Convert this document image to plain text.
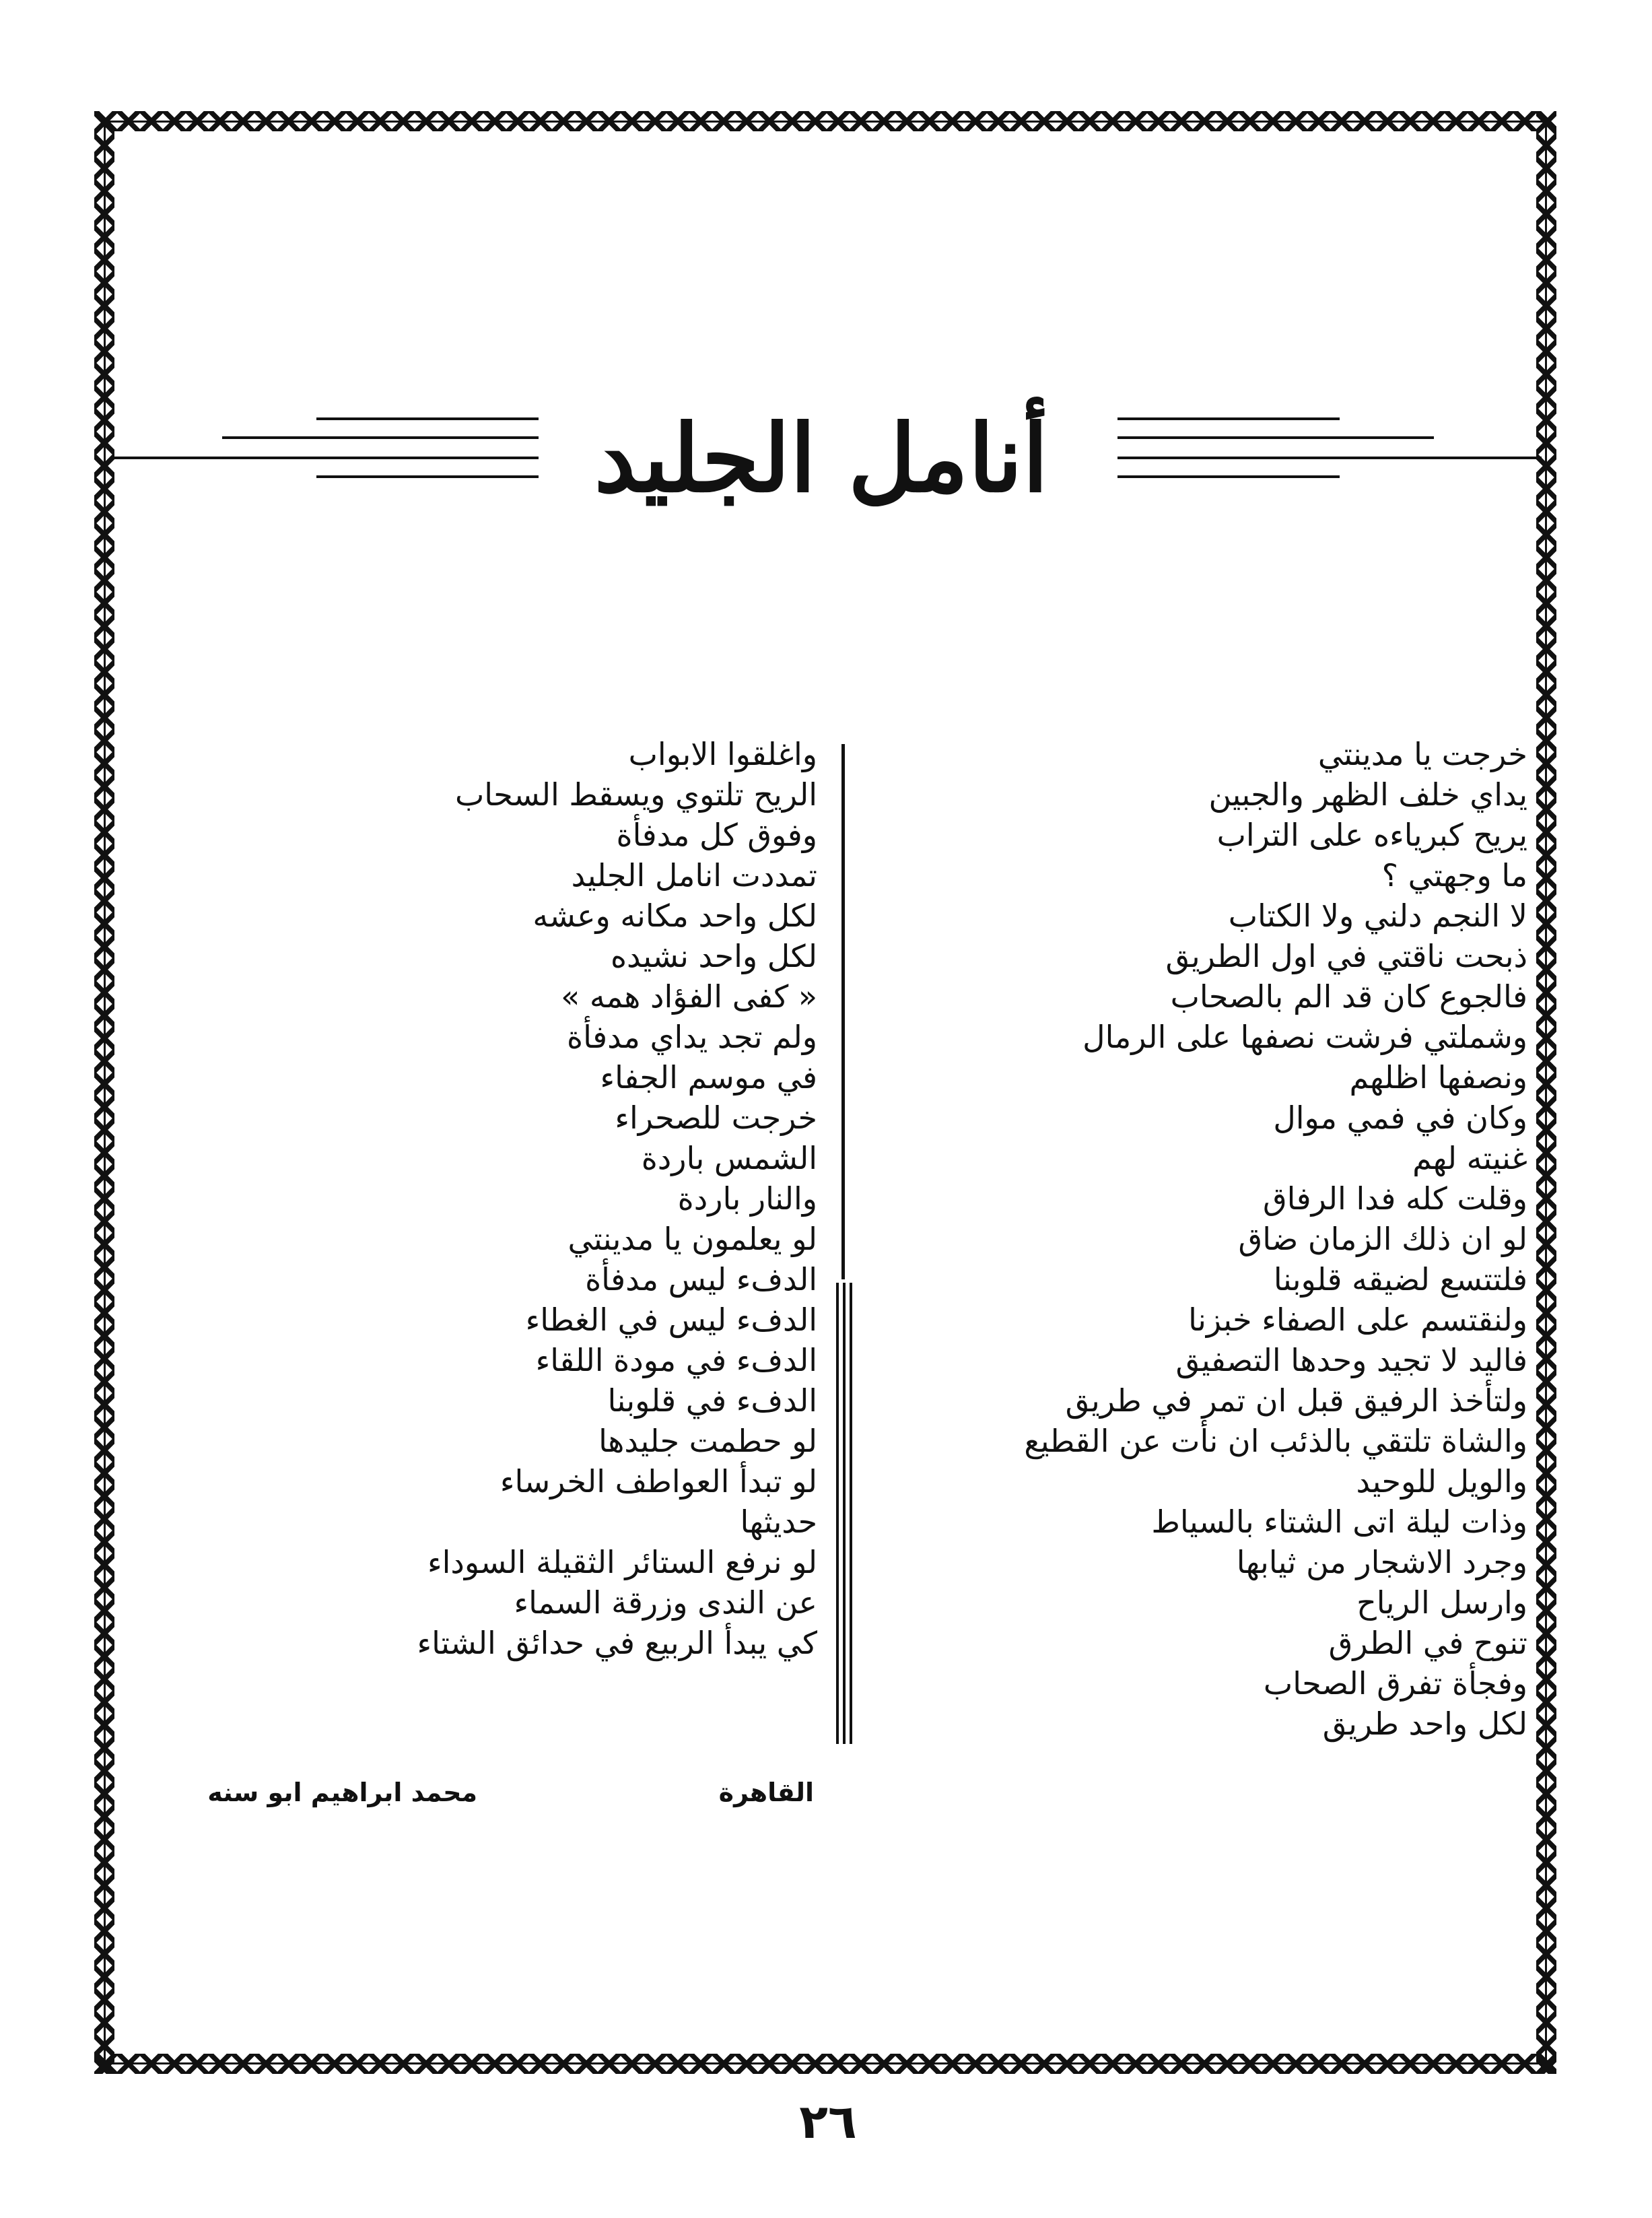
أنامل الجليد
خرجت يا مدينتي
يداي خلف الظهر والجبين
يريح كبرياءه على التراب
ما وجهتي ؟
لا النجم دلني ولا الكتاب
ذبحت ناقتي في اول الطريق
فالجوع كان قد الم بالصحاب
وشملتي فرشت نصفها على الرمال
ونصفها اظلهم
وكان في فمي موال
غنيته لهم
وقلت كله فدا الرفاق
لو ان ذلك الزمان ضاق
فلتتسع لضيقه قلوبنا
ولنقتسم على الصفاء خبزنا
فاليد لا تجيد وحدها التصفيق
ولتأخذ الرفيق قبل ان تمر في طريق
والشاة تلتقي بالذئب ان نأت عن القطيع
والويل للوحيد
وذات ليلة اتى الشتاء بالسياط
وجرد الاشجار من ثيابها
وارسل الرياح
تنوح في الطرق
وفجأة تفرق الصحاب
لكل واحد طريق
واغلقوا الابواب
الريح تلتوي ويسقط السحاب
وفوق كل مدفأة
تمددت انامل الجليد
لكل واحد مكانه وعشه
لكل واحد نشيده
« كفى الفؤاد همه »
ولم تجد يداي مدفأة
في موسم الجفاء
خرجت للصحراء
الشمس باردة
والنار باردة
لو يعلمون يا مدينتي
الدفء ليس مدفأة
الدفء ليس في الغطاء
الدفء في مودة اللقاء
الدفء في قلوبنا
لو حطمت جليدها
لو تبدأ العواطف الخرساء
حديثها
لو نرفع الستائر الثقيلة السوداء
عن الندى وزرقة السماء
كي يبدأ الربيع في حدائق الشتاء
القاهرة
محمد ابراهيم ابو سنه
٢٦
